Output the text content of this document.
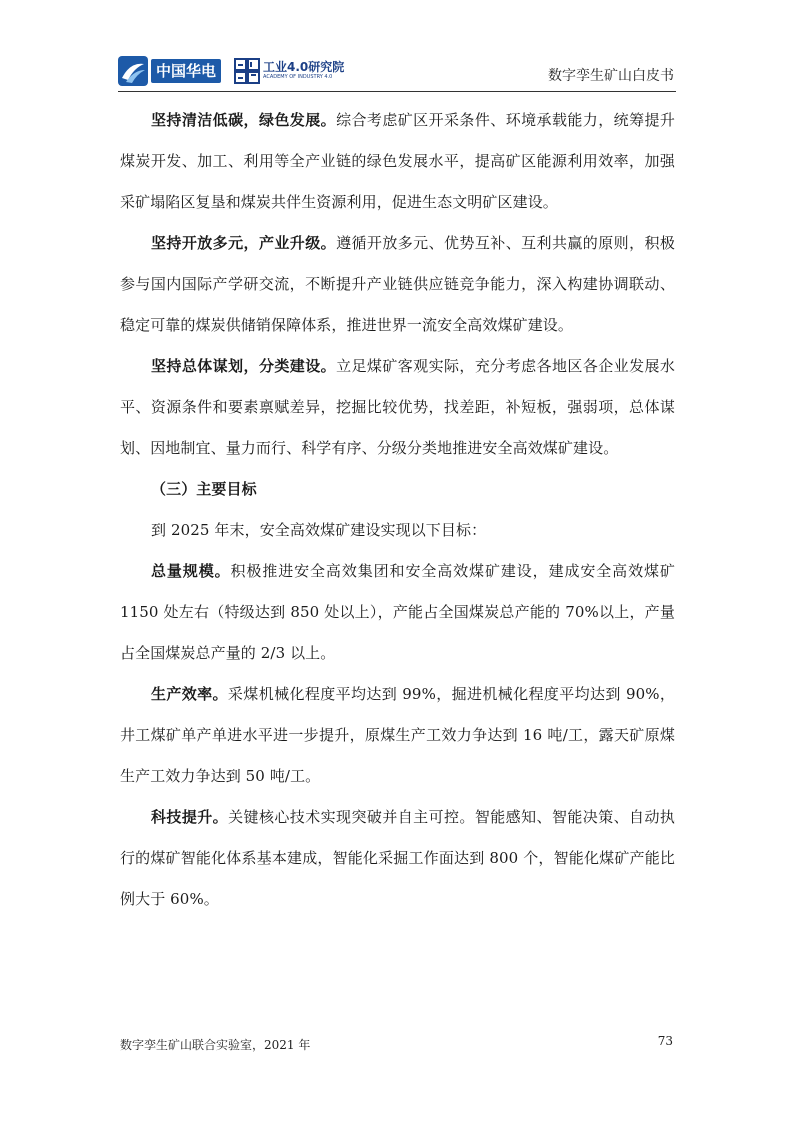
中国华电	工业4.0研究院
ACADEMY OF INDUSTRY 4.0	数字孪生矿山白皮书

坚持清洁低碳，绿色发展。综合考虑矿区开采条件、环境承载能力，统筹提升煤炭开发、加工、利用等全产业链的绿色发展水平，提高矿区能源利用效率，加强采矿塌陷区复垦和煤炭共伴生资源利用，促进生态文明矿区建设。

坚持开放多元，产业升级。遵循开放多元、优势互补、互利共赢的原则，积极参与国内国际产学研交流，不断提升产业链供应链竞争能力，深入构建协调联动、稳定可靠的煤炭供储销保障体系，推进世界一流安全高效煤矿建设。

坚持总体谋划，分类建设。立足煤矿客观实际，充分考虑各地区各企业发展水平、资源条件和要素禀赋差异，挖掘比较优势，找差距，补短板，强弱项，总体谋划、因地制宜、量力而行、科学有序、分级分类地推进安全高效煤矿建设。

（三）主要目标

到 2025 年末，安全高效煤矿建设实现以下目标：

总量规模。积极推进安全高效集团和安全高效煤矿建设，建成安全高效煤矿 1150 处左右（特级达到 850 处以上），产能占全国煤炭总产能的 70%以上，产量占全国煤炭总产量的 2/3 以上。

生产效率。采煤机械化程度平均达到 99%，掘进机械化程度平均达到 90%，井工煤矿单产单进水平进一步提升，原煤生产工效力争达到 16 吨/工，露天矿原煤生产工效力争达到 50 吨/工。

科技提升。关键核心技术实现突破并自主可控。智能感知、智能决策、自动执行的煤矿智能化体系基本建成，智能化采掘工作面达到 800 个，智能化煤矿产能比例大于 60%。

数字孪生矿山联合实验室，2021 年	73
